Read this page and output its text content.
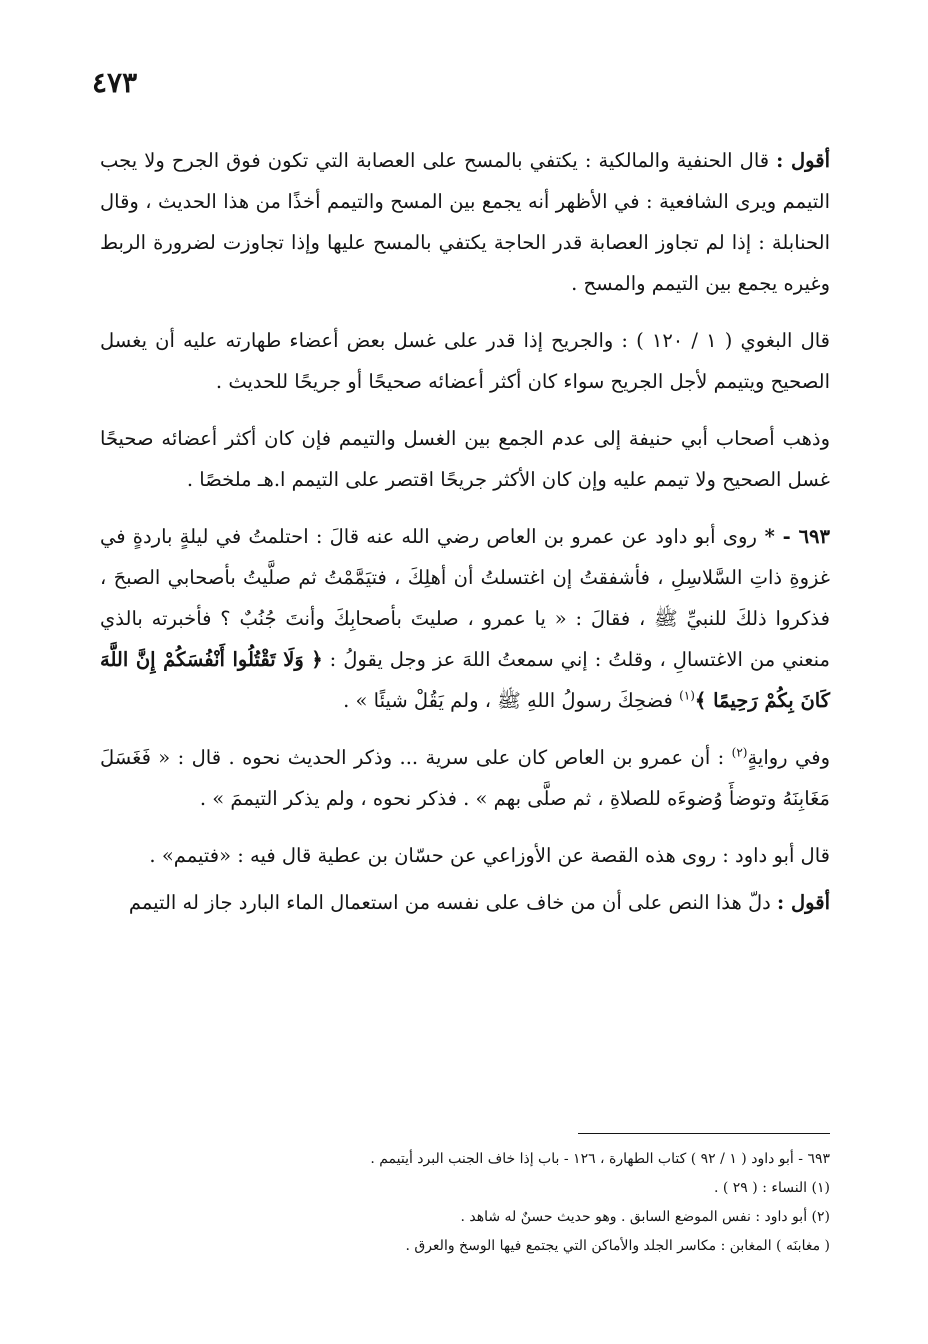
٤٧٣

أقول : قال الحنفية والمالكية : يكتفي بالمسح على العصابة التي تكون فوق الجرح ولا يجب التيمم ويرى الشافعية : في الأظهر أنه يجمع بين المسح والتيمم أخذًا من هذا الحديث ، وقال الحنابلة : إذا لم تجاوز العصابة قدر الحاجة يكتفي بالمسح عليها وإذا تجاوزت لضرورة الربط وغيره يجمع بين التيمم والمسح .

قال البغوي ( ١ / ١٢٠ ) : والجريح إذا قدر على غسل بعض أعضاء طهارته عليه أن يغسل الصحيح ويتيمم لأجل الجريح سواء كان أكثر أعضائه صحيحًا أو جريحًا للحديث .

وذهب أصحاب أبي حنيفة إلى عدم الجمع بين الغسل والتيمم فإن كان أكثر أعضائه صحيحًا غسل الصحيح ولا تيمم عليه وإن كان الأكثر جريحًا اقتصر على التيمم ا.هـ ملخصًا .

٦٩٣ - * روى أبو داود عن عمرو بن العاص رضي الله عنه قالَ : احتلمتُ في ليلةٍ باردةٍ في غزوةِ ذاتِ السَّلاسِلِ ، فأشفقتُ إن اغتسلتُ أن أهلِكَ ، فتيَمَّمْتُ ثم صلَّيتُ بأصحابي الصبحَ ، فذكروا ذلكَ للنبيِّ ﷺ ، فقالَ : « يا عمرو ، صليتَ بأصحابِكَ وأنتَ جُنُبٌ ؟ فأخبرته بالذي منعني من الاغتسالِ ، وقلتُ : إني سمعتُ اللهَ عز وجل يقولُ : ﴿ وَلَا تَقْتُلُوا أَنْفُسَكُمْ إِنَّ اللَّهَ كَانَ بِكُمْ رَحِيمًا ﴾$^{(١)}$ فضحِكَ رسولُ اللهِ ﷺ ، ولم يَقُلْ شيئًا » .

وفي روايةٍ$^{(٢)}$ : أن عمرو بن العاص كان على سرية ... وذكر الحديث نحوه . قال : « فَغَسَلَ مَغَابِنَهُ وتوضأَ وُضوءَه للصلاةِ ، ثم صلَّى بهم » . فذكر نحوه ، ولم يذكر التيممَ » .

قال أبو داود : روى هذه القصة عن الأوزاعي عن حسّان بن عطية قال فيه : «فتيمم» .

أقول : دلّ هذا النص على أن من خاف على نفسه من استعمال الماء البارد جاز له التيمم

٦٩٣ - أبو داود ( ١ / ٩٢ ) كتاب الطهارة ، ١٢٦ - باب إذا خاف الجنب البرد أيتيمم .

(١) النساء : ( ٢٩ ) .

(٢) أبو داود : نفس الموضع السابق . وهو حديث حسنٌ له شاهد .

( مغابنَه ) المغابن : مكاسر الجلد والأماكن التي يجتمع فيها الوسخ والعرق .
